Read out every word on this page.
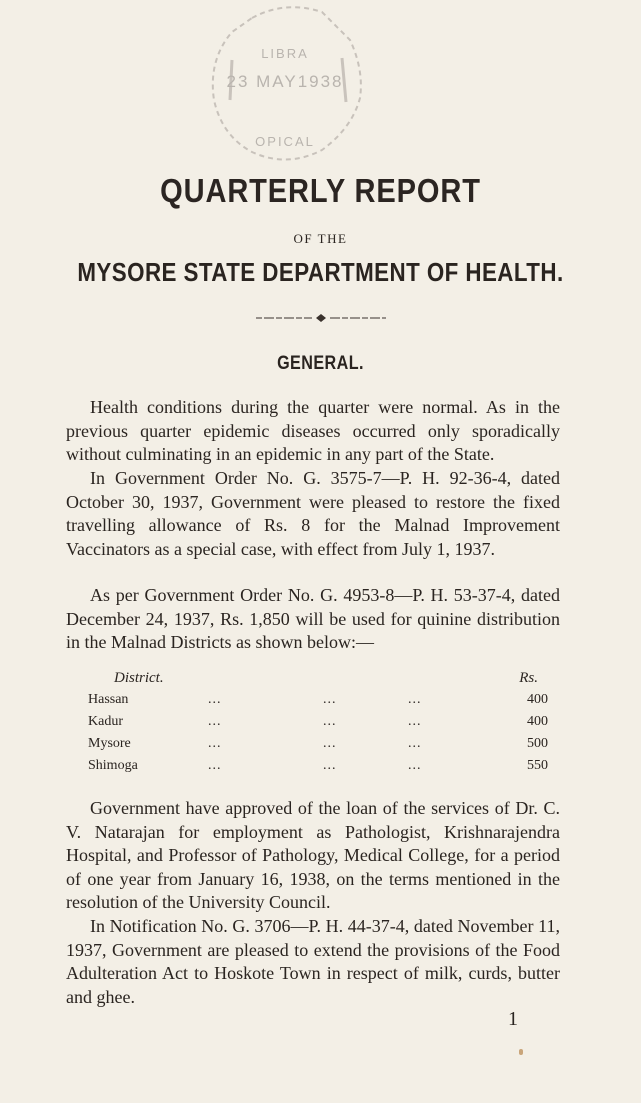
LIBRA
23 MAY1938
OPICAL
QUARTERLY REPORT
OF THE
MYSORE STATE DEPARTMENT OF HEALTH.
GENERAL.
Health conditions during the quarter were normal. As in the previous quarter epidemic diseases occurred only sporadically without culminating in an epidemic in any part of the State.
In Government Order No. G. 3575-7—P. H. 92-36-4, dated October 30, 1937, Government were pleased to restore the fixed travelling allowance of Rs. 8 for the Malnad Improvement Vaccinators as a special case, with effect from July 1, 1937.
As per Government Order No. G. 4953-8—P. H. 53-37-4, dated December 24, 1937, Rs. 1,850 will be used for quinine distribution in the Malnad Districts as shown below:—
District.	Rs.
Hassan	...	...	...	400
Kadur	...	...	...	400
Mysore	...	...	...	500
Shimoga	...	...	...	550
Government have approved of the loan of the services of Dr. C. V. Natarajan for employment as Pathologist, Krishnarajendra Hospital, and Professor of Pathology, Medical College, for a period of one year from January 16, 1938, on the terms mentioned in the resolution of the University Council.
In Notification No. G. 3706—P. H. 44-37-4, dated November 11, 1937, Government are pleased to extend the provisions of the Food Adulteration Act to Hoskote Town in respect of milk, curds, butter and ghee.
1
